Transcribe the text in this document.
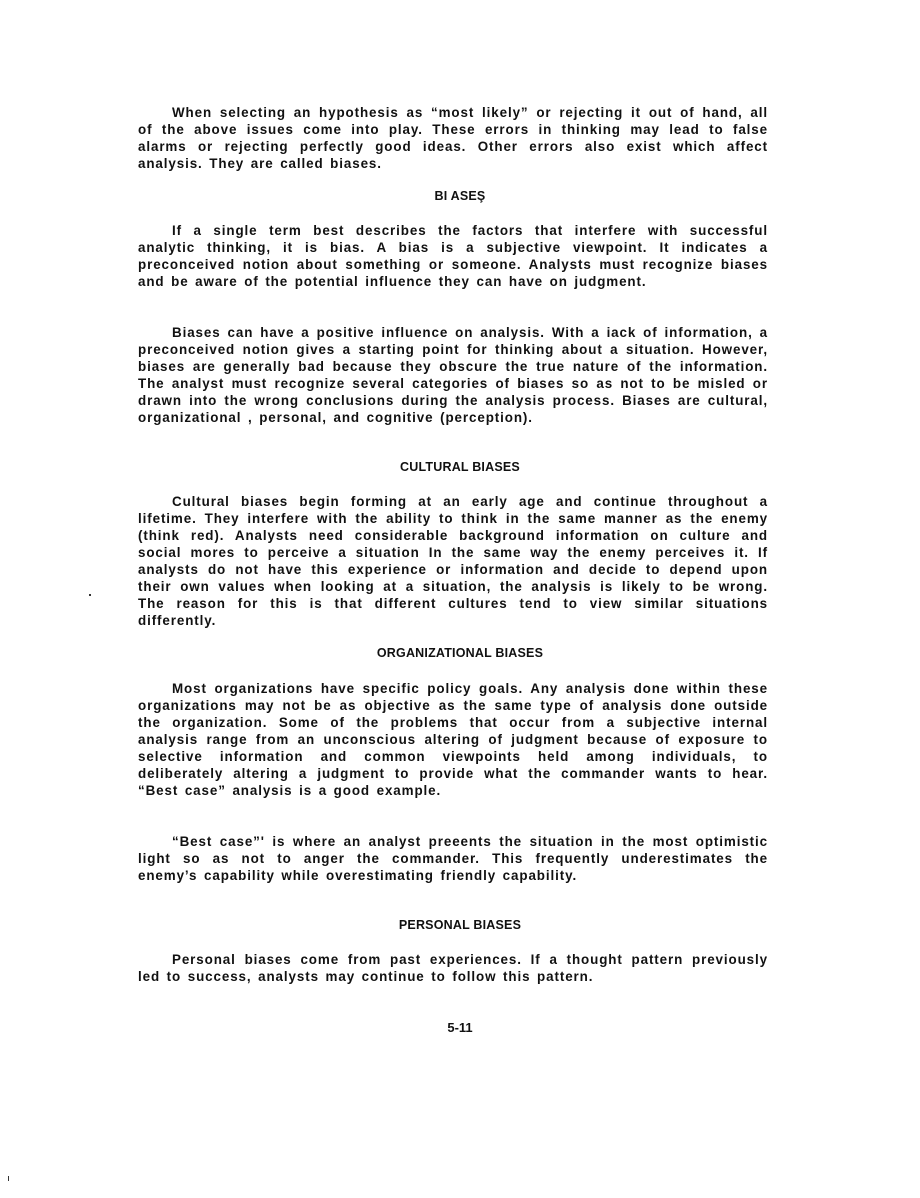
When selecting an hypothesis as “most likely” or rejecting it out of hand, all of the above issues come into play. These errors in thinking may lead to false alarms or rejecting perfectly good ideas. Other errors also exist which affect analysis. They are called biases.

BI ASEŞ

If a single term best describes the factors that interfere with successful analytic thinking, it is bias. A bias is a subjective viewpoint. It indicates a preconceived notion about something or someone. Analysts must recognize biases and be aware of the potential influence they can have on judgment.

Biases can have a positive influence on analysis. With a iack of information, a preconceived notion gives a starting point for thinking about a situation. However, biases are generally bad because they obscure the true nature of the information. The analyst must recognize several categories of biases so as not to be misled or drawn into the wrong conclusions during the analysis process. Biases are cultural, organizational , personal, and cognitive (perception).

CULTURAL BIASES

Cultural biases begin forming at an early age and continue throughout a lifetime. They interfere with the ability to think in the same manner as the enemy (think red). Analysts need considerable background information on culture and social mores to perceive a situation In the same way the enemy perceives it. If analysts do not have this experience or information and decide to depend upon their own values when looking at a situation, the analysis is likely to be wrong. The reason for this is that different cultures tend to view similar situations differently.

ORGANIZATIONAL BIASES

Most organizations have specific policy goals. Any analysis done within these organizations may not be as objective as the same type of analysis done outside the organization. Some of the problems that occur from a subjective internal analysis range from an unconscious altering of judgment because of exposure to selective information and common viewpoints held among individuals, to deliberately altering a judgment to provide what the commander wants to hear. “Best case” analysis is a good example.

“Best case”' is where an analyst preeents the situation in the most optimistic light so as not to anger the commander. This frequently underestimates the enemy’s capability while overestimating friendly capability.

PERSONAL BIASES

Personal biases come from past experiences. If a thought pattern previously led to success, analysts may continue to follow this pattern.

5-11
